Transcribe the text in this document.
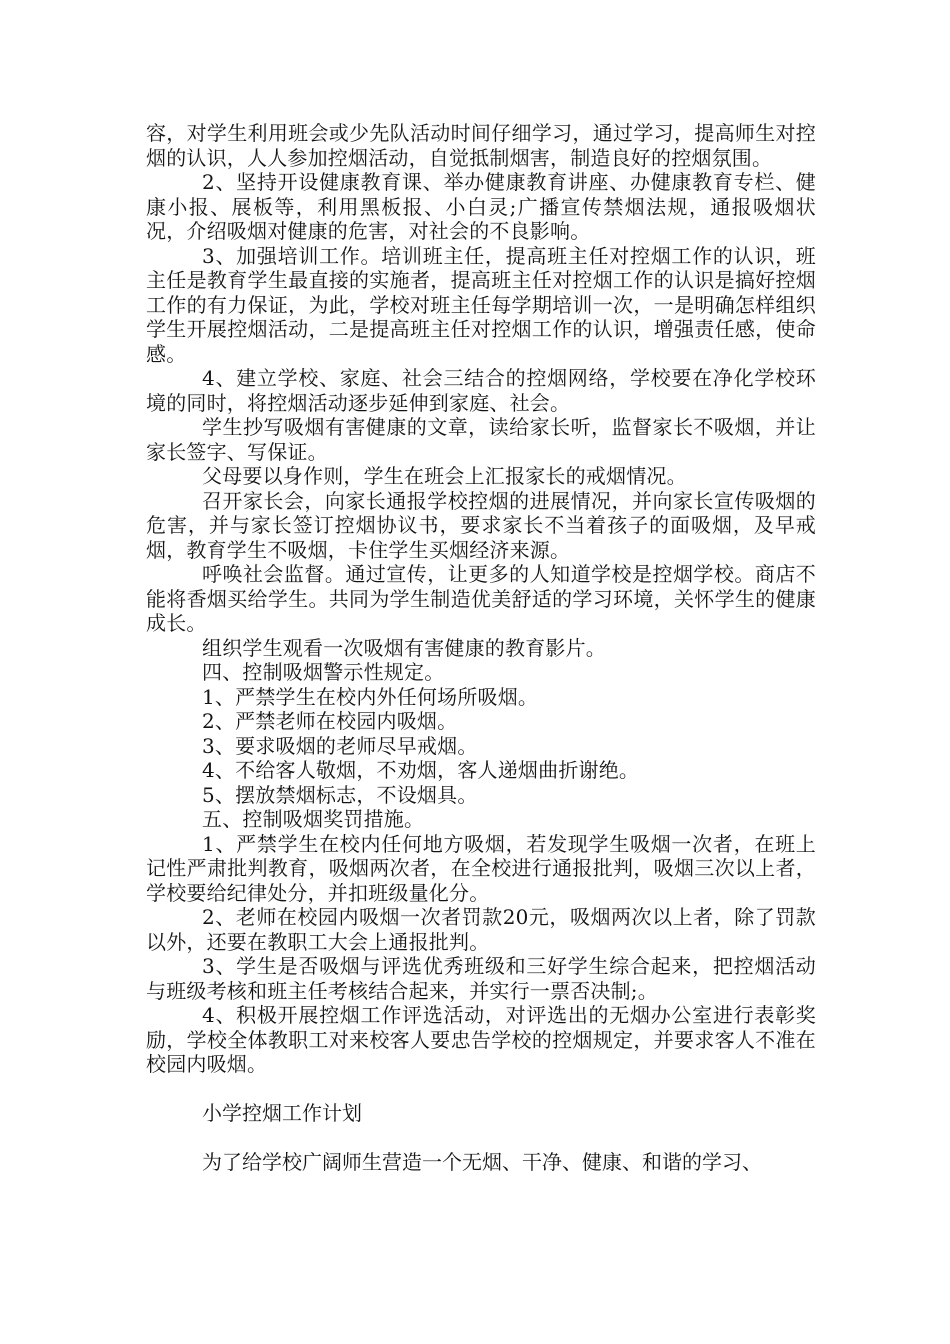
容，对学生利用班会或少先队活动时间仔细学习，通过学习，提高师生对控烟的认识，人人参加控烟活动，自觉抵制烟害，制造良好的控烟氛围。

2、坚持开设健康教育课、举办健康教育讲座、办健康教育专栏、健康小报、展板等，利用黑板报、小白灵;广播宣传禁烟法规，通报吸烟状况，介绍吸烟对健康的危害，对社会的不良影响。

3、加强培训工作。培训班主任，提高班主任对控烟工作的认识，班主任是教育学生最直接的实施者，提高班主任对控烟工作的认识是搞好控烟工作的有力保证，为此，学校对班主任每学期培训一次，一是明确怎样组织学生开展控烟活动，二是提高班主任对控烟工作的认识，增强责任感，使命感。

4、建立学校、家庭、社会三结合的控烟网络，学校要在净化学校环境的同时，将控烟活动逐步延伸到家庭、社会。

学生抄写吸烟有害健康的文章，读给家长听，监督家长不吸烟，并让家长签字、写保证。

父母要以身作则，学生在班会上汇报家长的戒烟情况。

召开家长会，向家长通报学校控烟的进展情况，并向家长宣传吸烟的危害，并与家长签订控烟协议书，要求家长不当着孩子的面吸烟，及早戒烟，教育学生不吸烟，卡住学生买烟经济来源。

呼唤社会监督。通过宣传，让更多的人知道学校是控烟学校。商店不能将香烟买给学生。共同为学生制造优美舒适的学习环境，关怀学生的健康成长。

组织学生观看一次吸烟有害健康的教育影片。

四、控制吸烟警示性规定。

1、严禁学生在校内外任何场所吸烟。

2、严禁老师在校园内吸烟。

3、要求吸烟的老师尽早戒烟。

4、不给客人敬烟，不劝烟，客人递烟曲折谢绝。

5、摆放禁烟标志，不设烟具。

五、控制吸烟奖罚措施。

1、严禁学生在校内任何地方吸烟，若发现学生吸烟一次者，在班上记性严肃批判教育，吸烟两次者，在全校进行通报批判，吸烟三次以上者，学校要给纪律处分，并扣班级量化分。

2、老师在校园内吸烟一次者罚款20元，吸烟两次以上者，除了罚款以外，还要在教职工大会上通报批判。

3、学生是否吸烟与评选优秀班级和三好学生综合起来，把控烟活动与班级考核和班主任考核结合起来，并实行一票否决制;。

4、积极开展控烟工作评选活动，对评选出的无烟办公室进行表彰奖励，学校全体教职工对来校客人要忠告学校的控烟规定，并要求客人不准在校园内吸烟。

小学控烟工作计划

为了给学校广阔师生营造一个无烟、干净、健康、和谐的学习、
